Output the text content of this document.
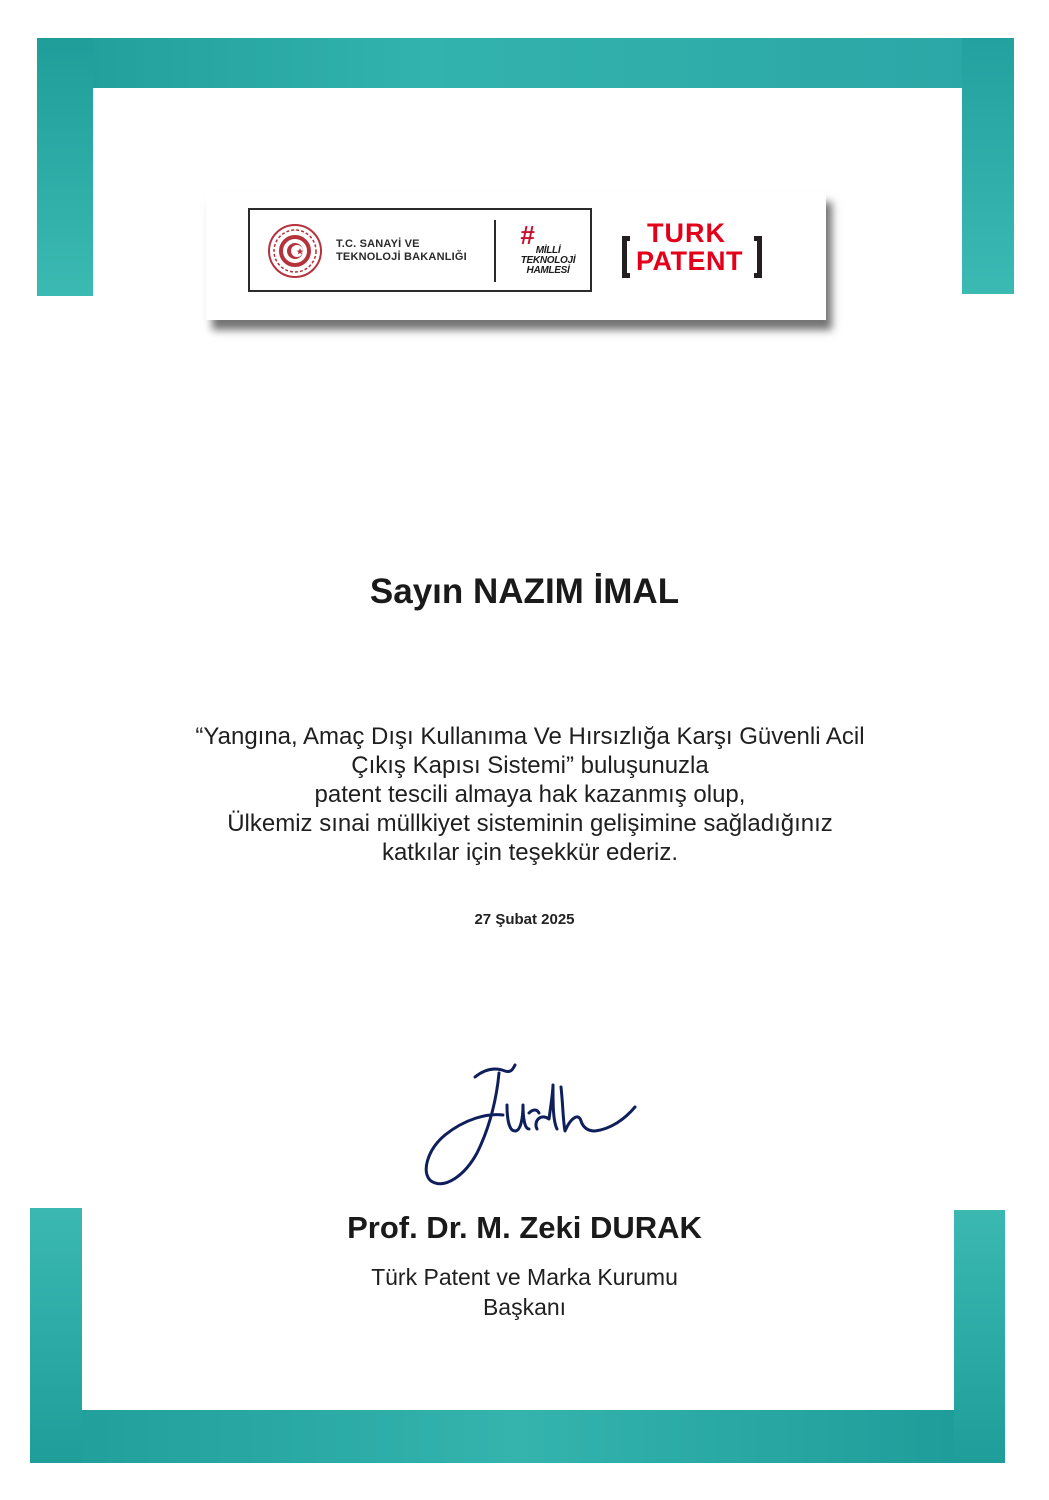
T.C. SANAYİ VE
TEKNOLOJİ BAKANLIĞI
#
MİLLİ
TEKNOLOJİ
HAMLESİ
TURK
PATENT
Sayın NAZIM İMAL
“Yangına, Amaç Dışı Kullanıma Ve Hırsızlığa Karşı Güvenli Acil
Çıkış Kapısı Sistemi” buluşunuzla
patent tescili almaya hak kazanmış olup,
Ülkemiz sınai müllkiyet sisteminin gelişimine sağladığınız
katkılar için teşekkür ederiz.
27 Şubat 2025
Prof. Dr. M. Zeki DURAK
Türk Patent ve Marka Kurumu
Başkanı
